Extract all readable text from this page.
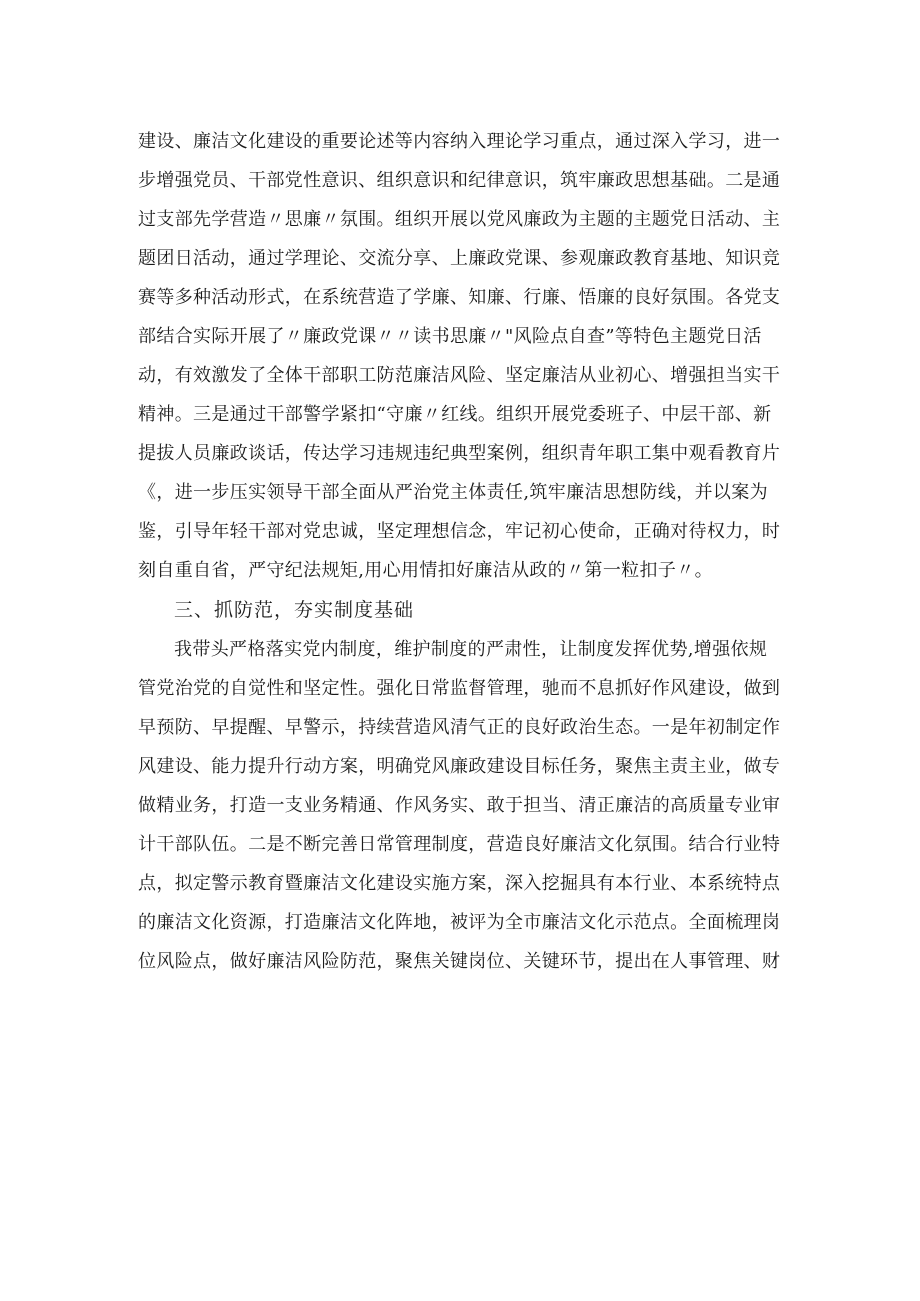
建设、廉洁文化建设的重要论述等内容纳入理论学习重点，通过深入学习，进一
步增强党员、干部党性意识、组织意识和纪律意识，筑牢廉政思想基础。二是通
过支部先学营造〃思廉〃氛围。组织开展以党风廉政为主题的主题党日活动、主
题团日活动，通过学理论、交流分享、上廉政党课、参观廉政教育基地、知识竞
赛等多种活动形式，在系统营造了学廉、知廉、行廉、悟廉的良好氛围。各党支
部结合实际开展了〃廉政党课〃〃读书思廉〃"风险点自查”等特色主题党日活
动，有效激发了全体干部职工防范廉洁风险、坚定廉洁从业初心、增强担当实干
精神。三是通过干部警学紧扣“守廉〃红线。组织开展党委班子、中层干部、新
提拔人员廉政谈话，传达学习违规违纪典型案例，组织青年职工集中观看教育片
《，进一步压实领导干部全面从严治党主体责任,筑牢廉洁思想防线，并以案为
鉴，引导年轻干部对党忠诚，坚定理想信念，牢记初心使命，正确对待权力，时
刻自重自省，严守纪法规矩,用心用情扣好廉洁从政的〃第一粒扣子〃。
三、抓防范，夯实制度基础
我带头严格落实党内制度，维护制度的严肃性，让制度发挥优势,增强依规
管党治党的自觉性和坚定性。强化日常监督管理，驰而不息抓好作风建设，做到
早预防、早提醒、早警示，持续营造风清气正的良好政治生态。一是年初制定作
风建设、能力提升行动方案，明确党风廉政建设目标任务，聚焦主责主业，做专
做精业务，打造一支业务精通、作风务实、敢于担当、清正廉洁的高质量专业审
计干部队伍。二是不断完善日常管理制度，营造良好廉洁文化氛围。结合行业特
点，拟定警示教育暨廉洁文化建设实施方案，深入挖掘具有本行业、本系统特点
的廉洁文化资源，打造廉洁文化阵地，被评为全市廉洁文化示范点。全面梳理岗
位风险点，做好廉洁风险防范，聚焦关键岗位、关键环节，提出在人事管理、财
